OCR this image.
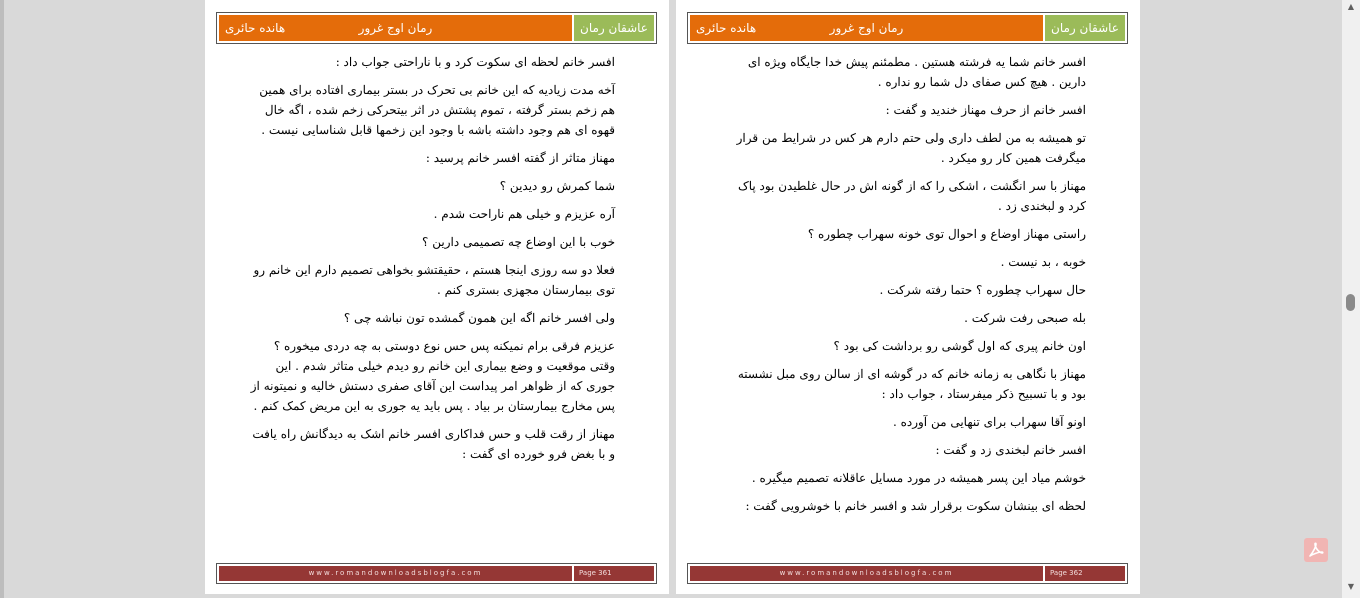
رمان اوج غرور
هانده حائری	عاشقان رمان

افسر خانم لحظه ای سکوت کرد و با ناراحتی جواب داد :

آخه مدت زیادیه که این خانم بی تحرک در بستر بیماری افتاده برای همین هم زخم بستر گرفته ، تموم پشتش در اثر بیتحرکی زخم شده ، اگه خال قهوه ای هم وجود داشته باشه با وجود این زخمها قابل شناسایی نیست .

مهناز متاثر از گفته افسر خانم پرسید :

شما کمرش رو دیدین ؟

آره عزیزم و خیلی هم ناراحت شدم .

خوب با این اوضاع چه تصمیمی دارین ؟

فعلا دو سه روزی اینجا هستم ، حقیقتشو بخواهی تصمیم دارم این خانم رو توی بیمارستان مجهزی بستری کنم .

ولی افسر خانم اگه این همون گمشده تون نباشه چی ؟

عزیزم فرقی برام نمیکنه پس حس نوع دوستی به چه دردی میخوره ؟ وقتی موقعیت و وضع بیماری این خانم رو دیدم خیلی متاثر شدم . این جوری که از ظواهر امر پیداست این آقای صفری دستش خالیه و نمیتونه از پس مخارج بیمارستان بر بیاد . پس باید یه جوری به این مریض کمک کنم .

مهناز از رقت قلب و حس فداکاری افسر خانم اشک به دیدگانش راه یافت و با بغض فرو خورده ای گفت :

www.romandownloadsblogfa.com	Page 361
رمان اوج غرور
هانده حائری	عاشقان رمان

افسر خانم شما یه فرشته هستین . مطمئنم پیش خدا جایگاه ویژه ای دارین . هیچ کس صفای دل شما رو نداره .

افسر خانم از حرف مهناز خندید و گفت :

تو همیشه به من لطف داری ولی حتم دارم هر کس در شرایط من قرار میگرفت همین کار رو میکرد .

مهناز با سر انگشت ، اشکی را که از گونه اش در حال غلطیدن بود پاک کرد و لبخندی زد .

راستی مهناز اوضاع و احوال توی خونه سهراب چطوره ؟

خوبه ، بد نیست .

حال سهراب چطوره ؟ حتما رفته شرکت .

بله صبحی رفت شرکت .

اون خانم پیری که اول گوشی رو برداشت کی بود ؟

مهناز با نگاهی به زمانه خانم که در گوشه ای از سالن روی مبل نشسته بود و با تسبیح ذکر میفرستاد ، جواب داد :

اونو آقا سهراب برای تنهایی من آورده .

افسر خانم لبخندی زد و گفت :

خوشم میاد این پسر همیشه در مورد مسایل عاقلانه تصمیم میگیره .

لحظه ای بینشان سکوت برقرار شد و افسر خانم با خوشرویی گفت :

www.romandownloadsblogfa.com	Page 362
▲
▼
